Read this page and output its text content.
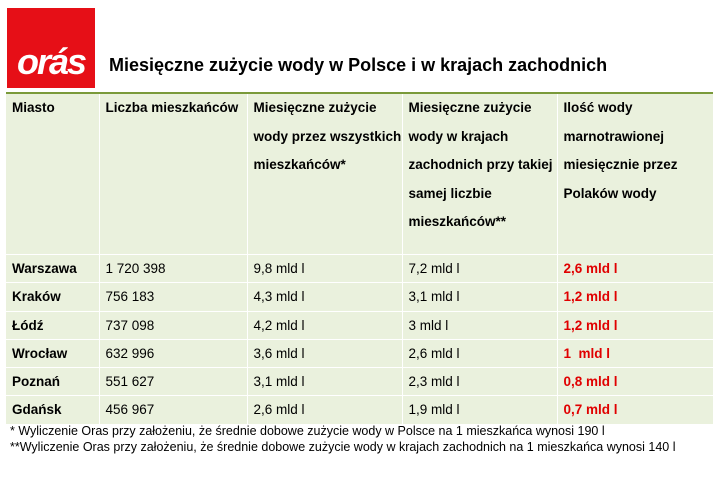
orás Miesięczne zużycie wody w Polsce i w krajach zachodnich
Miasto	Liczba mieszkańców	Miesięczne zużycie wody przez wszystkich mieszkańców*	Miesięczne zużycie wody w krajach zachodnich przy takiej samej liczbie mieszkańców**	Ilość wody marnotrawionej miesięcznie przez Polaków wody
Warszawa	1 720 398	9,8 mld l	7,2 mld l	2,6 mld l
Kraków	756 183	4,3 mld l	3,1 mld l	1,2 mld l
Łódź	737 098	4,2 mld l	3 mld l	1,2 mld l
Wrocław	632 996	3,6 mld l	2,6 mld l	1  mld l
Poznań	551 627	3,1 mld l	2,3 mld l	0,8 mld l
Gdańsk	456 967	2,6 mld l	1,9 mld l	0,7 mld l
* Wyliczenie Oras przy założeniu, że średnie dobowe zużycie wody w Polsce na 1 mieszkańca wynosi 190 l
**Wyliczenie Oras przy założeniu, że średnie dobowe zużycie wody w krajach zachodnich na 1 mieszkańca wynosi 140 l
